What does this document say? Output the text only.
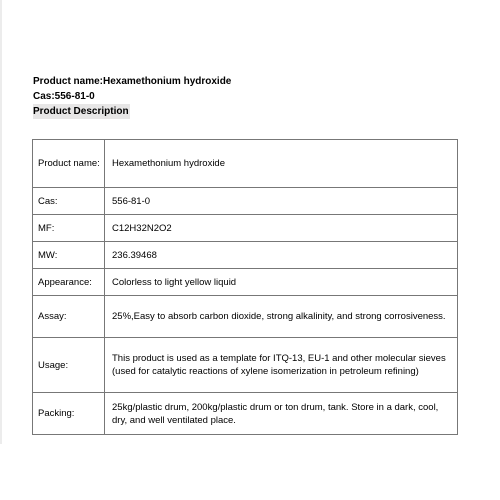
Product name:Hexamethonium hydroxide
Cas:556-81-0
Product Description
Product name:	Hexamethonium hydroxide
Cas:	556-81-0
MF:	C12H32N2O2
MW:	236.39468
Appearance:	Colorless to light yellow liquid
Assay:	25%,Easy to absorb carbon dioxide, strong alkalinity, and strong corrosiveness.
Usage:	This product is used as a template for ITQ-13, EU-1 and other molecular sieves (used for catalytic reactions of xylene isomerization in petroleum refining)
Packing:	25kg/plastic drum, 200kg/plastic drum or ton drum, tank. Store in a dark, cool, dry, and well ventilated place.
